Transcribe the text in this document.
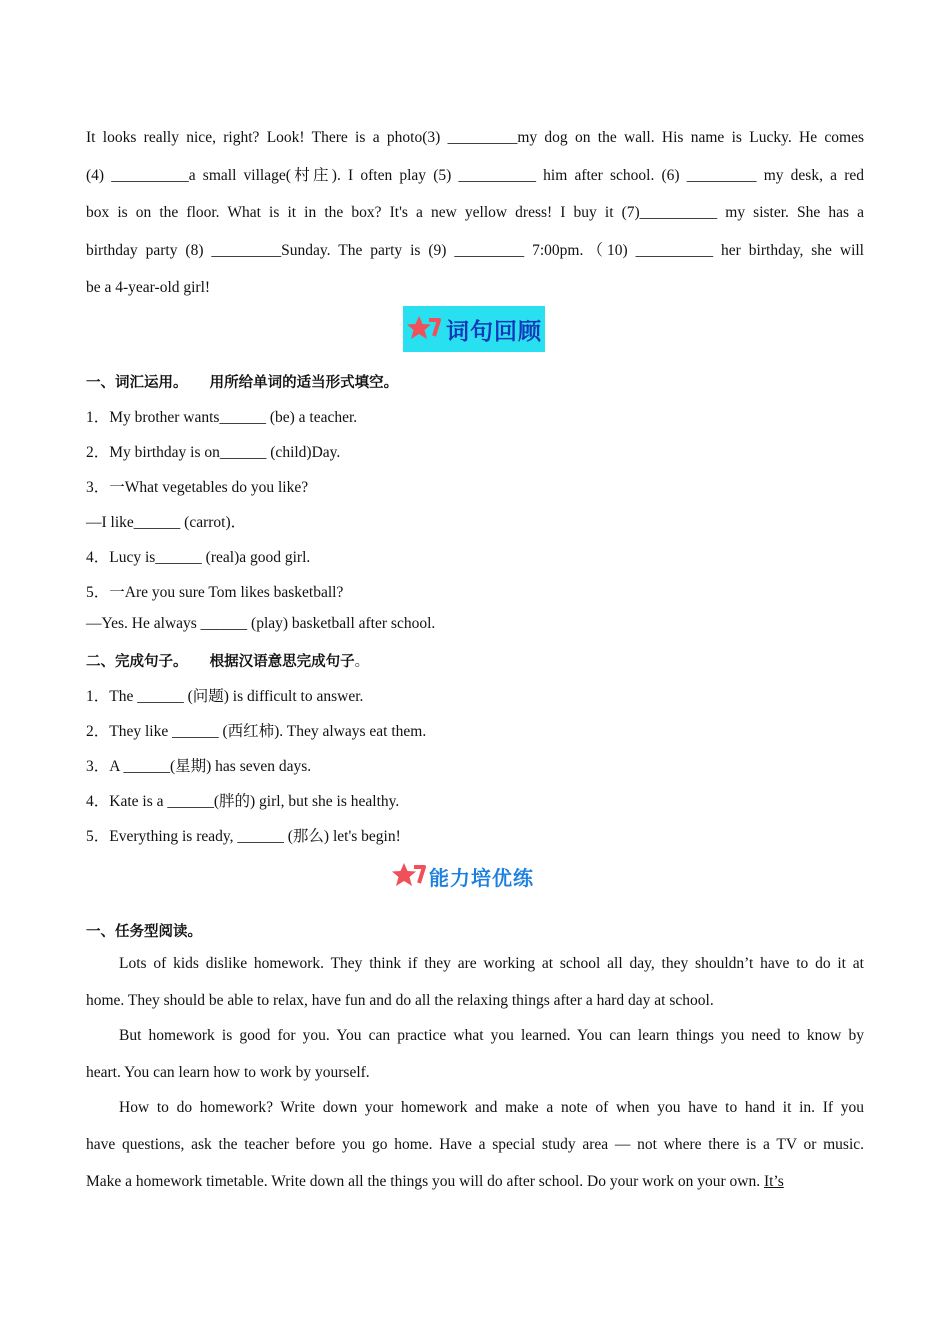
It looks really nice, right? Look! There is a photo(3) _________my dog on the wall. His name is Lucky. He comes
(4) __________a small village(村庄). I often play (5) __________ him after school. (6) _________ my desk, a red
box is on the floor. What is it in the box? It's a new yellow dress! I buy it (7)__________ my sister. She has a
birthday party (8) _________Sunday. The party is (9) _________ 7:00pm.（10) __________ her birthday, she will
be a 4-year-old girl!
词句回顾
一、词汇运用。 用所给单词的适当形式填空。
1．My brother wants______ (be) a teacher.
2．My birthday is on______ (child)Day.
3．一What vegetables do you like?
—I like______ (carrot)．
4．Lucy is______ (real)a good girl.
5．一Are you sure Tom likes basketball?
—Yes. He always ______ (play) basketball after school.
二、完成句子。 根据汉语意思完成句子。
1．The ______ (问题) is difficult to answer.
2．They like ______ (西红柿). They always eat them.
3．A ______(星期) has seven days.
4．Kate is a ______(胖的) girl, but she is healthy.
5．Everything is ready, ______ (那么) let's begin!
能力培优练
一、任务型阅读。
Lots of kids dislike homework. They think if they are working at school all day, they shouldn’t have to do it at
home. They should be able to relax, have fun and do all the relaxing things after a hard day at school.
But homework is good for you. You can practice what you learned. You can learn things you need to know by
heart. You can learn how to work by yourself.
How to do homework? Write down your homework and make a note of when you have to hand it in. If you
have questions, ask the teacher before you go home. Have a special study area — not where there is a TV or music.
Make a homework timetable. Write down all the things you will do after school. Do your work on your own. It’s
